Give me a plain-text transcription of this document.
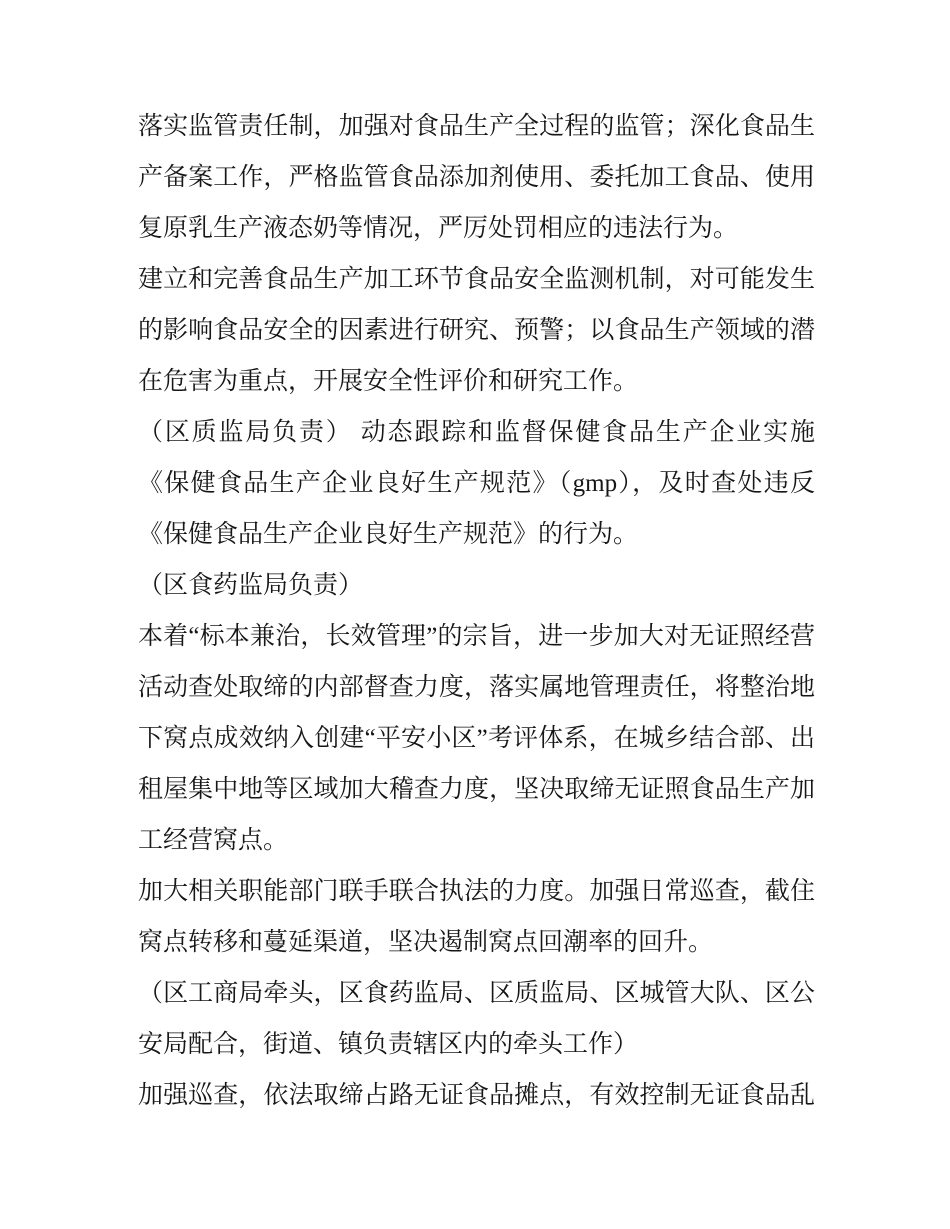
落实监管责任制，加强对食品生产全过程的监管；深化食品生
产备案工作，严格监管食品添加剂使用、委托加工食品、使用
复原乳生产液态奶等情况，严厉处罚相应的违法行为。
建立和完善食品生产加工环节食品安全监测机制，对可能发生
的影响食品安全的因素进行研究、预警；以食品生产领域的潜
在危害为重点，开展安全性评价和研究工作。
（区质监局负责） 动态跟踪和监督保健食品生产企业实施
《保健食品生产企业良好生产规范》（gmp），及时查处违反
《保健食品生产企业良好生产规范》的行为。
（区食药监局负责）
本着“标本兼治，长效管理”的宗旨，进一步加大对无证照经营
活动查处取缔的内部督查力度，落实属地管理责任，将整治地
下窝点成效纳入创建“平安小区”考评体系，在城乡结合部、出
租屋集中地等区域加大稽查力度，坚决取缔无证照食品生产加
工经营窝点。
加大相关职能部门联手联合执法的力度。加强日常巡查，截住
窝点转移和蔓延渠道，坚决遏制窝点回潮率的回升。
（区工商局牵头，区食药监局、区质监局、区城管大队、区公
安局配合，街道、镇负责辖区内的牵头工作）
加强巡查，依法取缔占路无证食品摊点，有效控制无证食品乱
